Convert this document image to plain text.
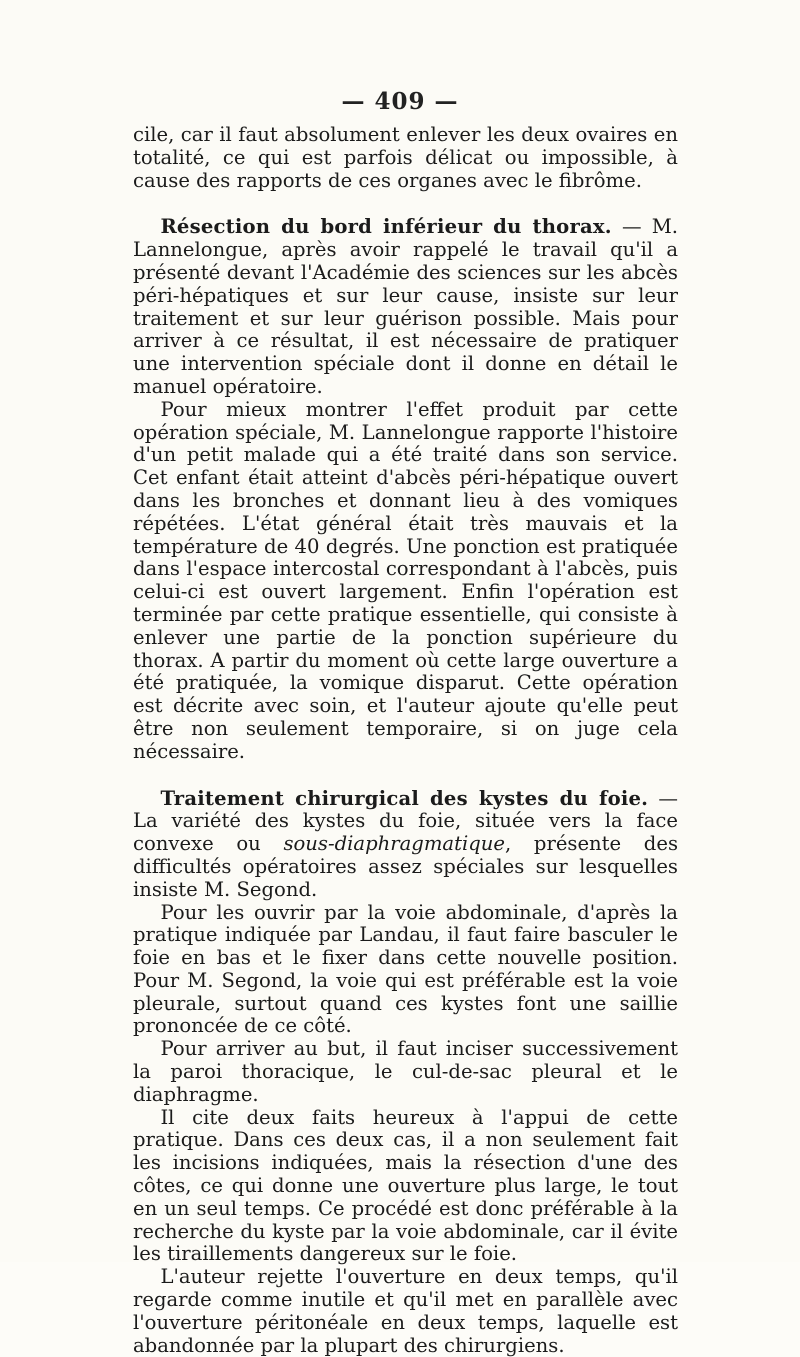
— 409 —

cile, car il faut absolument enlever les deux ovaires en totalité, ce qui est parfois délicat ou impossible, à cause des rapports de ces organes avec le fibrôme.

Résection du bord inférieur du thorax. — M. Lannelongue, après avoir rappelé le travail qu'il a présenté devant l'Académie des sciences sur les abcès péri-hépatiques et sur leur cause, insiste sur leur traitement et sur leur guérison possible. Mais pour arriver à ce résultat, il est nécessaire de pratiquer une intervention spéciale dont il donne en détail le manuel opératoire.

Pour mieux montrer l'effet produit par cette opération spéciale, M. Lannelongue rapporte l'histoire d'un petit malade qui a été traité dans son service. Cet enfant était atteint d'abcès péri-hépatique ouvert dans les bronches et donnant lieu à des vomiques répétées. L'état général était très mauvais et la température de 40 degrés. Une ponction est pratiquée dans l'espace intercostal correspondant à l'abcès, puis celui-ci est ouvert largement. Enfin l'opération est terminée par cette pratique essentielle, qui consiste à enlever une partie de la ponction supérieure du thorax. A partir du moment où cette large ouverture a été pratiquée, la vomique disparut. Cette opération est décrite avec soin, et l'auteur ajoute qu'elle peut être non seulement temporaire, si on juge cela nécessaire.

Traitement chirurgical des kystes du foie. — La variété des kystes du foie, située vers la face convexe ou sous-diaphragmatique, présente des difficultés opératoires assez spéciales sur lesquelles insiste M. Segond.

Pour les ouvrir par la voie abdominale, d'après la pratique indiquée par Landau, il faut faire basculer le foie en bas et le fixer dans cette nouvelle position. Pour M. Segond, la voie qui est préférable est la voie pleurale, surtout quand ces kystes font une saillie prononcée de ce côté.

Pour arriver au but, il faut inciser successivement la paroi thoracique, le cul-de-sac pleural et le diaphragme.

Il cite deux faits heureux à l'appui de cette pratique. Dans ces deux cas, il a non seulement fait les incisions indiquées, mais la résection d'une des côtes, ce qui donne une ouverture plus large, le tout en un seul temps. Ce procédé est donc préférable à la recherche du kyste par la voie abdominale, car il évite les tiraillements dangereux sur le foie.

L'auteur rejette l'ouverture en deux temps, qu'il regarde comme inutile et qu'il met en parallèle avec l'ouverture péritonéale en deux temps, laquelle est abandonnée par la plupart des chirurgiens.
